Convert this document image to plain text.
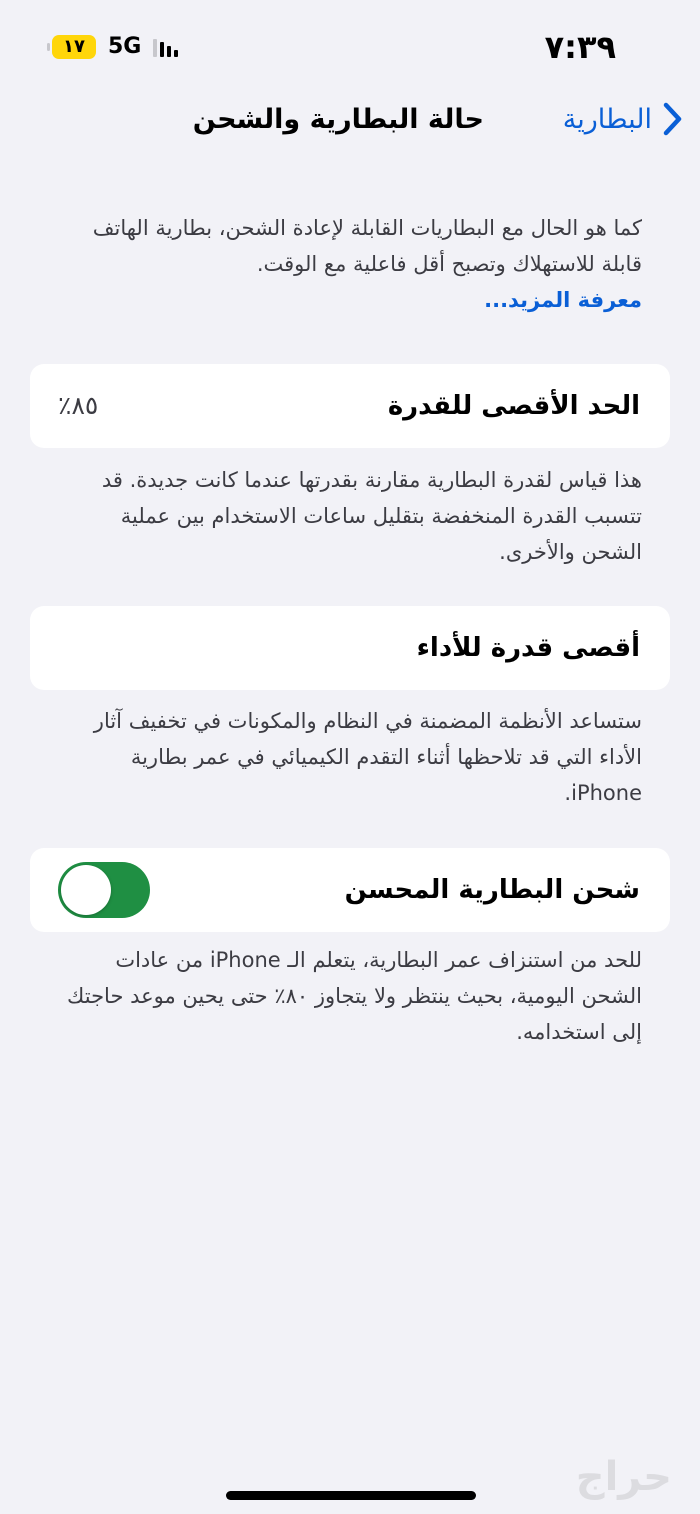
١٧ 5G	٧:٣٩
البطارية
حالة البطارية والشحن
كما هو الحال مع البطاريات القابلة لإعادة الشحن، بطارية الهاتف قابلة للاستهلاك وتصبح أقل فاعلية مع الوقت.
معرفة المزيد...
الحد الأقصى للقدرة
٨٥٪
هذا قياس لقدرة البطارية مقارنة بقدرتها عندما كانت جديدة. قد تتسبب القدرة المنخفضة بتقليل ساعات الاستخدام بين عملية الشحن والأخرى.
أقصى قدرة للأداء
ستساعد الأنظمة المضمنة في النظام والمكونات في تخفيف آثار الأداء التي قد تلاحظها أثناء التقدم الكيميائي في عمر بطارية iPhone.
شحن البطارية المحسن
للحد من استنزاف عمر البطارية، يتعلم الـ iPhone من عادات الشحن اليومية، بحيث ينتظر ولا يتجاوز ٨٠٪ حتى يحين موعد حاجتك إلى استخدامه.
حراج
